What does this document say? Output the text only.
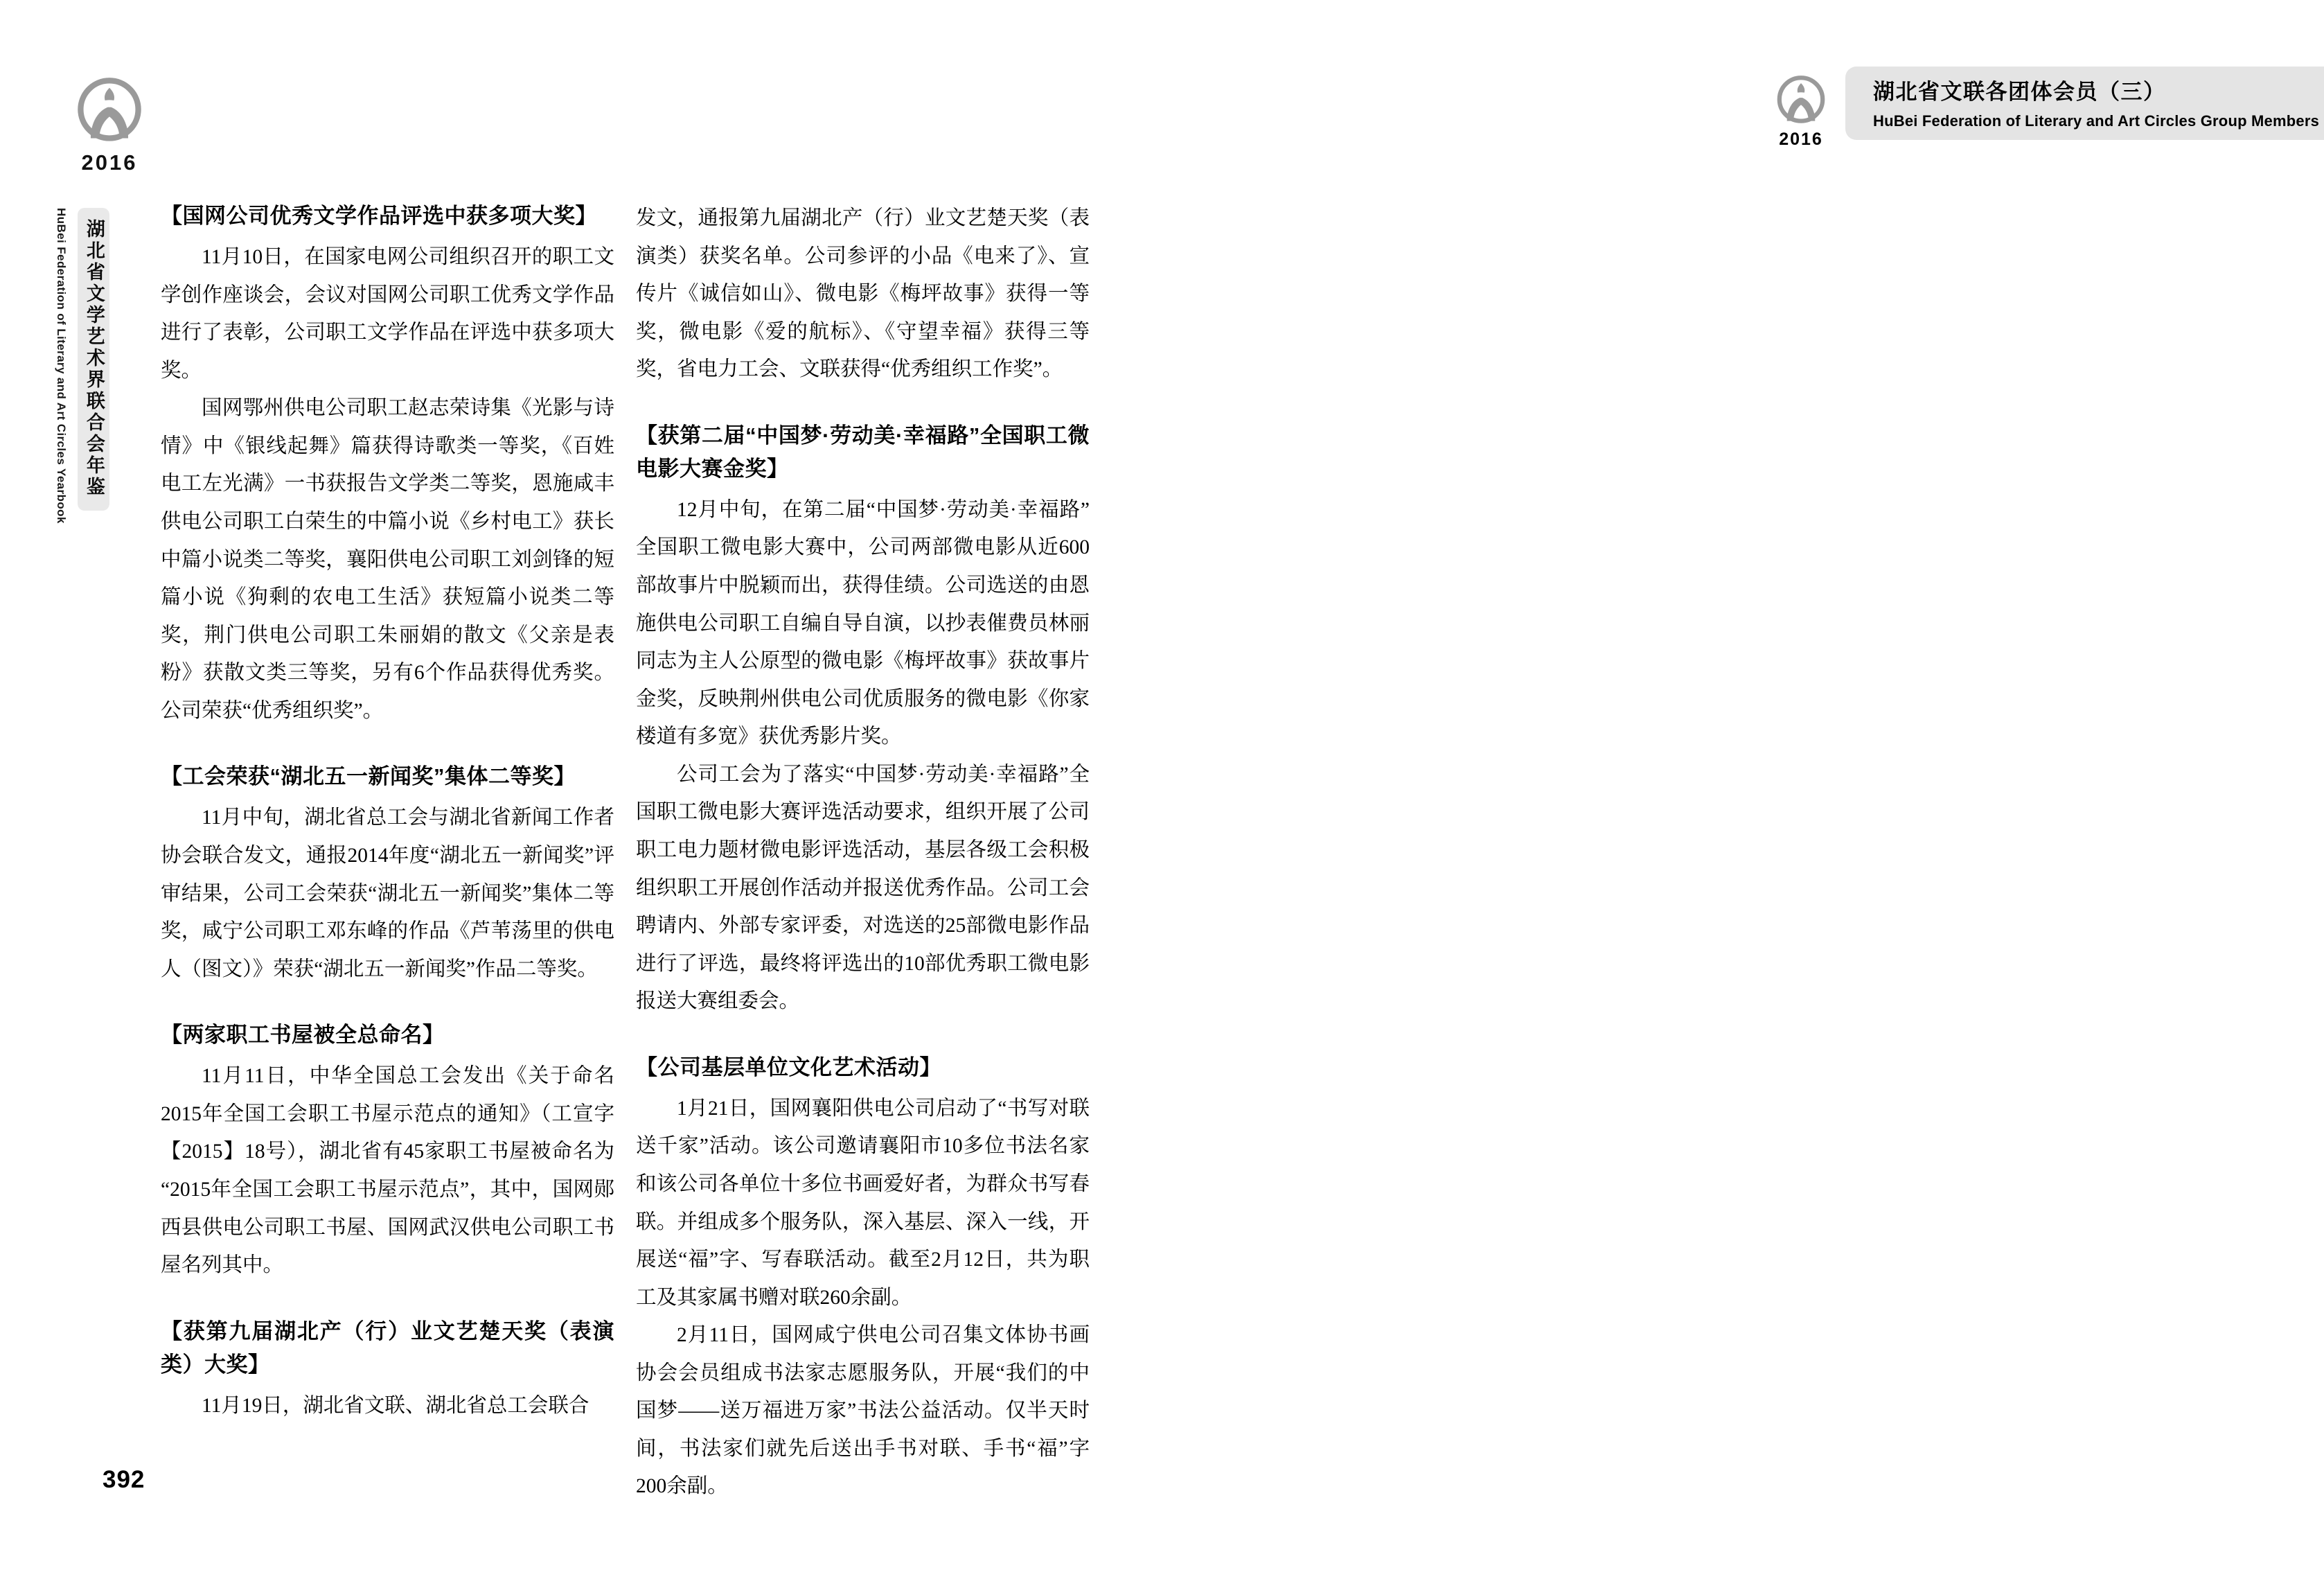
2016
HuBei Federation of Literary and Art Circles Yearbook 湖北省文学艺术界联合会年鉴
【国网公司优秀文学作品评选中获多项大奖】

11月10日，在国家电网公司组织召开的职工文学创作座谈会，会议对国网公司职工优秀文学作品进行了表彰，公司职工文学作品在评选中获多项大奖。

国网鄂州供电公司职工赵志荣诗集《光影与诗情》中《银线起舞》篇获得诗歌类一等奖，《百姓电工左光满》一书获报告文学类二等奖，恩施咸丰供电公司职工白荣生的中篇小说《乡村电工》获长中篇小说类二等奖，襄阳供电公司职工刘剑锋的短篇小说《狗剩的农电工生活》获短篇小说类二等奖，荆门供电公司职工朱丽娟的散文《父亲是表粉》获散文类三等奖，另有6个作品获得优秀奖。公司荣获“优秀组织奖”。

【工会荣获“湖北五一新闻奖”集体二等奖】

11月中旬，湖北省总工会与湖北省新闻工作者协会联合发文，通报2014年度“湖北五一新闻奖”评审结果，公司工会荣获“湖北五一新闻奖”集体二等奖，咸宁公司职工邓东峰的作品《芦苇荡里的供电人（图文）》荣获“湖北五一新闻奖”作品二等奖。

【两家职工书屋被全总命名】

11月11日，中华全国总工会发出《关于命名2015年全国工会职工书屋示范点的通知》（工宣字【2015】18号），湖北省有45家职工书屋被命名为“2015年全国工会职工书屋示范点”，其中，国网郧西县供电公司职工书屋、国网武汉供电公司职工书屋名列其中。

【获第九届湖北产（行）业文艺楚天奖（表演类）大奖】

11月19日，湖北省文联、湖北省总工会联合

发文，通报第九届湖北产（行）业文艺楚天奖（表演类）获奖名单。公司参评的小品《电来了》、宣传片《诚信如山》、微电影《梅坪故事》获得一等奖，微电影《爱的航标》、《守望幸福》获得三等奖，省电力工会、文联获得“优秀组织工作奖”。

【获第二届“中国梦·劳动美·幸福路”全国职工微电影大赛金奖】

12月中旬，在第二届“中国梦·劳动美·幸福路”全国职工微电影大赛中，公司两部微电影从近600部故事片中脱颖而出，获得佳绩。公司选送的由恩施供电公司职工自编自导自演，以抄表催费员林丽同志为主人公原型的微电影《梅坪故事》获故事片金奖，反映荆州供电公司优质服务的微电影《你家楼道有多宽》获优秀影片奖。

公司工会为了落实“中国梦·劳动美·幸福路”全国职工微电影大赛评选活动要求，组织开展了公司职工电力题材微电影评选活动，基层各级工会积极组织职工开展创作活动并报送优秀作品。公司工会聘请内、外部专家评委，对选送的25部微电影作品进行了评选，最终将评选出的10部优秀职工微电影报送大赛组委会。

【公司基层单位文化艺术活动】

1月21日，国网襄阳供电公司启动了“书写对联送千家”活动。该公司邀请襄阳市10多位书法名家和该公司各单位十多位书画爱好者，为群众书写春联。并组成多个服务队，深入基层、深入一线，开展送“福”字、写春联活动。截至2月12日，共为职工及其家属书赠对联260余副。

2月11日，国网咸宁供电公司召集文体协书画协会会员组成书法家志愿服务队，开展“我们的中国梦——送万福进万家”书法公益活动。仅半天时间，书法家们就先后送出手书对联、手书“福”字200余副。

392

2016
湖北省文联各团体会员（三）
HuBei Federation of Literary and Art Circles Group Members
